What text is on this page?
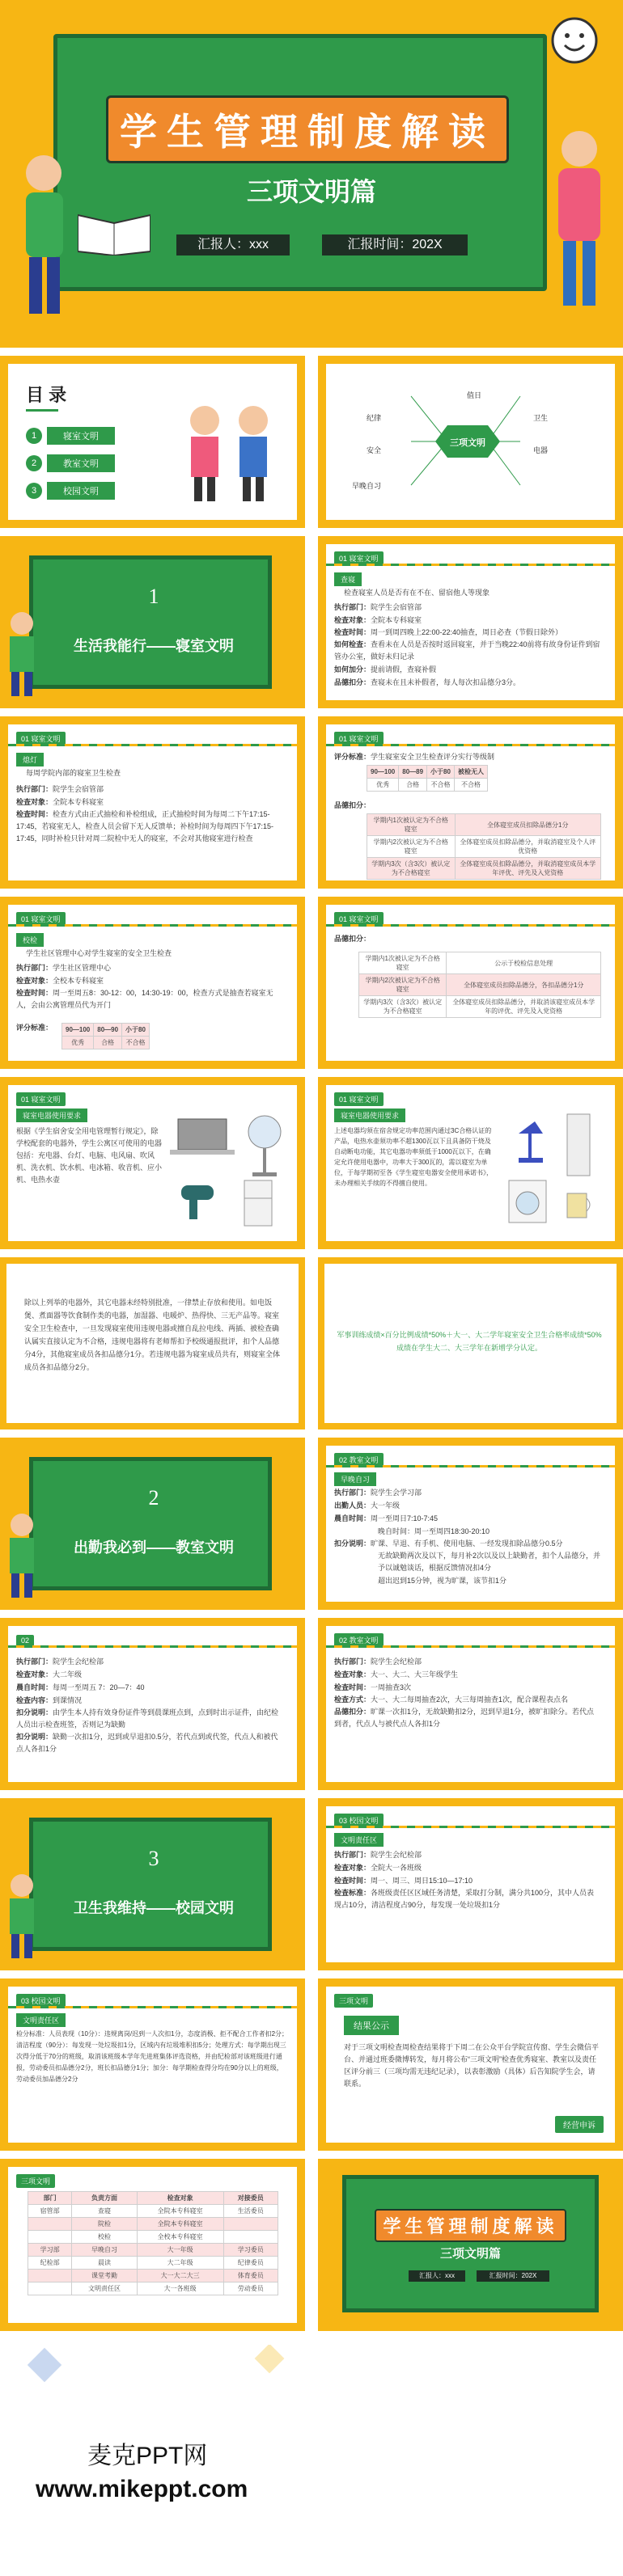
学生管理制度解读
三项文明篇
汇报人：xxx	汇报时间：202X
目 录
1	寝室文明
2	教室文明
3	校园文明
三项文明
值日
卫生
纪律
安全	电器
早晚自习
1
生活我能行——寝室文明
01 寝室文明
查寝
检查寝室人员是否有在不在、留宿他人等现象
执行部门：院学生会宿管部
检查对象：全院本专科寝室
检查时间：周一到周四晚上22:00-22:40抽查，周日必查（节假日除外）
如何检查：查看未在人员是否按时返回寝室，并于当晚22:40前将有故身份证件到宿管办公室，做好未归记录
如何加分：提前请假，查寝补假
品德扣分：查寝未在且未补假者，每人每次扣品德分3分。
01 寝室文明
熄灯
每周学院内部的寝室卫生检查
执行部门：院学生会宿管部
检查对象：全院本专科寝室
检查时间：检查方式由正式抽检和补检组成，正式抽检时间为每周二下午17:15-17:45，若寝室无人，检查人员会留下无人反馈单；补检时间为每周四下午17:15-17:45，同时补检只针对周二院检中无人的寝室，不会对其他寝室进行检查
01 寝室文明
评分标准：学生寝室安全卫生检查评分实行等级制
90—100	80—89	小于80	被检无人
优秀	合格	不合格	不合格
品德扣分：
学期内1次被认定为不合格寝室	全体寝室成员扣除品德分1分
学期内2次被认定为不合格寝室	全体寝室成员扣除品德分，并取消寝室及个人评优资格
学期内3次（含3次）被认定为不合格寝室	全体寝室成员扣除品德分，并取消寝室成员本学年评优、评先及入党资格
01 寝室文明
校检
学生社区管理中心对学生寝室的安全卫生检查
执行部门：学生社区管理中心
检查对象：全校本专科寝室
检查时间：周一至周五8：30-12：00，14:30-19：00，检查方式是抽查若寝室无人，会由公寓管理员代为开门
评分标准： 90—100	80—90	小于80
优秀	合格	不合格
01 寝室文明
品德扣分：
学期内1次被认定为不合格寝室	公示于校检信息处理
学期内2次被认定为不合格寝室	全体寝室成员扣除品德分，各扣品德分1分
学期内3次（含3次）被认定为不合格寝室	全体寝室成员扣除品德分，并取消该寝室成员本学年的评优、评先及入党资格
01 寝室文明
寝室电器使用要求
根据《学生宿舍安全用电管理暂行规定》，除学校配套的电器外，学生公寓区可使用的电器包括：充电器、台灯、电脑、电风扇、吹风机、洗衣机、饮水机、电冰箱、收音机、应小机、电热水壶
01 寝室文明
寝室电器使用要求
上述电器均须在宿舍规定功率范围内通过3C合格认证的产品，电热水壶须功率不超1300瓦以下且具备防干烧及自动断电功能，其它电器功率须低于1000瓦以下，在确定允许使用电器中，功率大于300瓦的，需以寝室为单位，于每学期初至各《学生寝室电器安全使用承诺书》，未办理相关手续的不得擅自使用。
除以上列举的电器外，其它电器未经特别批准，一律禁止存放和使用。如电饭煲、煮面器等饮食制作类的电器，加湿器、电暖炉、热得快、三无产品等。寝室安全卫生检查中，一旦发现寝室使用违规电器或擅自乱拉电线、两插、被检查确认属实直接认定为不合格，违规电器将有老师帮扣予校级通报批评，扣个人品德分4分，其他寝室成员各扣品德分1分。若违规电器为寝室成员共有，则寝室全体成员各扣品德分2分。
军事训练成绩×百分比例成绩*50%＋大一、大二学年寝室安全卫生合格率成绩*50% 成绩在学生大二、大三学年在新增学分认定。
2
出勤我必到——教室文明
02 教室文明
早晚自习
执行部门：院学生会学习部
出勤人员：大一年级
晨自时间：周一至周日7:10-7:45
晚自时间：周一至周四18:30-20:10
扣分说明：旷课、早退、有手机、使用电脑、一经发现扣除品德分0.5分
无故缺勤两次及以下，每月补2次以及以上缺勤者，扣个人品德分，并予以诚勉谈话，根据反馈情况扣4分
超出迟到15分钟，视为旷课，该节扣1分
02
执行部门：院学生会纪检部
检查对象：大二年级
晨自时间：每周一至周五 7：20—7：40
检查内容：到课情况
扣分说明：由学生本人持有效身份证件等到晨课班点到，点到时出示证件，由纪检人员出示检查班签，否则记为缺勤
扣分说明：缺勤一次扣1分，迟到或早退扣0.5分，若代点到或代签，代点人和被代点人各扣1分
02 教室文明
执行部门：院学生会纪检部
检查对象：大一、大二、大三年级学生
检查时间：一周抽查3次
检查方式：大一、大二每周抽查2次，大三每周抽查1次，配合课程表点名
品德扣分：旷课一次扣1分，无故缺勤扣2分，迟到早退1分，被旷扣除分。若代点到者，代点人与被代点人各扣1分
3
卫生我维持——校园文明
03 校园文明
文明责任区
执行部门：院学生会纪检部
检查对象：全院大一各班级
检查时间：周一、周三、周日15:10—17:10
检查标准：各班级责任区区域任务清楚，采取打分制，满分共100分，其中人员表现占10分，清洁程度占90分，每发现一处垃圾扣1分
03 校园文明
文明责任区
检分标准：人员表现（10分）：违规离岗/迟到一人次扣1分，态度消极、拒不配合工作者扣2分；清洁程度（90分）：每发现一处垃圾扣1分，区域内有垃圾堆积扣5分；处理方式：每学期出现三次得分低于70分的班级，取消该班级本学年先进班集体评选资格，并由纪检部对该班级进行通报，劳动委员扣品德分2分，班长扣品德分1分；加分：每学期检查得分均在90分以上的班级，劳动委员加品德分2分
三项文明
结果公示
对于三项文明检查周检查结果将于下周二在公众平台学院宣传窗、学生会微信平台、并通过班委微博转发，每月将公布“三项文明”检查优秀寝室、教室以及责任区评分前三（三项均需无违纪记录），以表彰激励（具体）后告知院学生会，请联系。
经营申诉
三项文明
部门	负责方面	检查对象	对接委员
宿管部	查寝	全院本专科寝室	生活委员
	院检	全院本专科寝室	
	校检	全校本专科寝室	
学习部	早晚自习	大一年级	学习委员
纪检部	晨读	大二年级	纪律委员
	课堂考勤	大一大二大三	体育委员
	文明责任区	大一各班级	劳动委员
学生管理制度解读
三项文明篇
汇报人：xxx	汇报时间：202X
麦克PPT网
www.mikeppt.com
